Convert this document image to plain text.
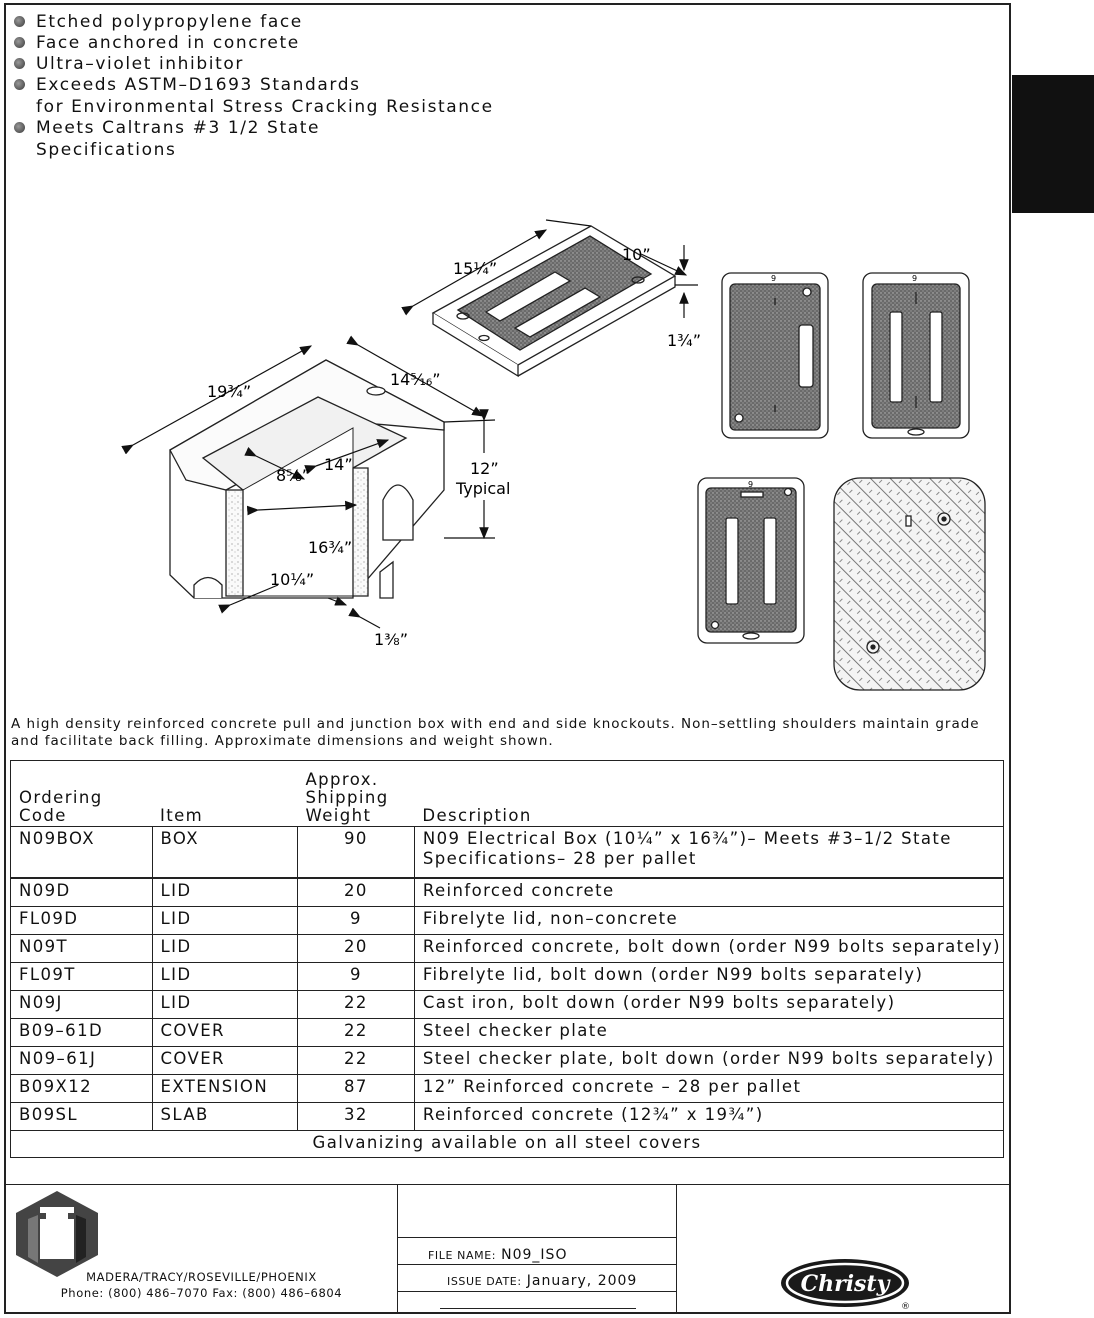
Etched polypropylene face
Face anchored in concrete
Ultra–violet inhibitor
Exceeds ASTM–D1693 Standards
for Environmental Stress Cracking Resistance
Meets Caltrans #3 1/2 State
Specifications
15¼”
10”
1¾”
19¾”
14⁵⁄₁₆”
8⅝”
14”	12”
Typical
16¾”
10¼”
1⅜”
9	9
9
A high density reinforced concrete pull and junction box with end and side knockouts. Non–settling shoulders maintain grade and facilitate back filling. Approximate dimensions and weight shown.
Ordering Code	Item	Approx. Shipping Weight	Description
N09BOX	BOX	90	N09 Electrical Box (10¼” x 16¾”)– Meets #3–1/2 State Specifications– 28 per pallet
N09D	LID	20	Reinforced concrete
FL09D	LID	9	Fibrelyte lid, non–concrete
N09T	LID	20	Reinforced concrete, bolt down (order N99 bolts separately)
FL09T	LID	9	Fibrelyte lid, bolt down (order N99 bolts separately)
N09J	LID	22	Cast iron, bolt down (order N99 bolts separately)
B09–61D	COVER	22	Steel checker plate
N09–61J	COVER	22	Steel checker plate, bolt down (order N99 bolts separately)
B09X12	EXTENSION	87	12” Reinforced concrete – 28 per pallet
B09SL	SLAB	32	Reinforced concrete (12¾” x 19¾”)
Galvanizing available on all steel covers			
MADERA/TRACY/ROSEVILLE/PHOENIX
Phone: (800) 486–7070 Fax: (800) 486–6804
FILE NAME: N09_ISO
ISSUE DATE: January, 2009	Christy
®
